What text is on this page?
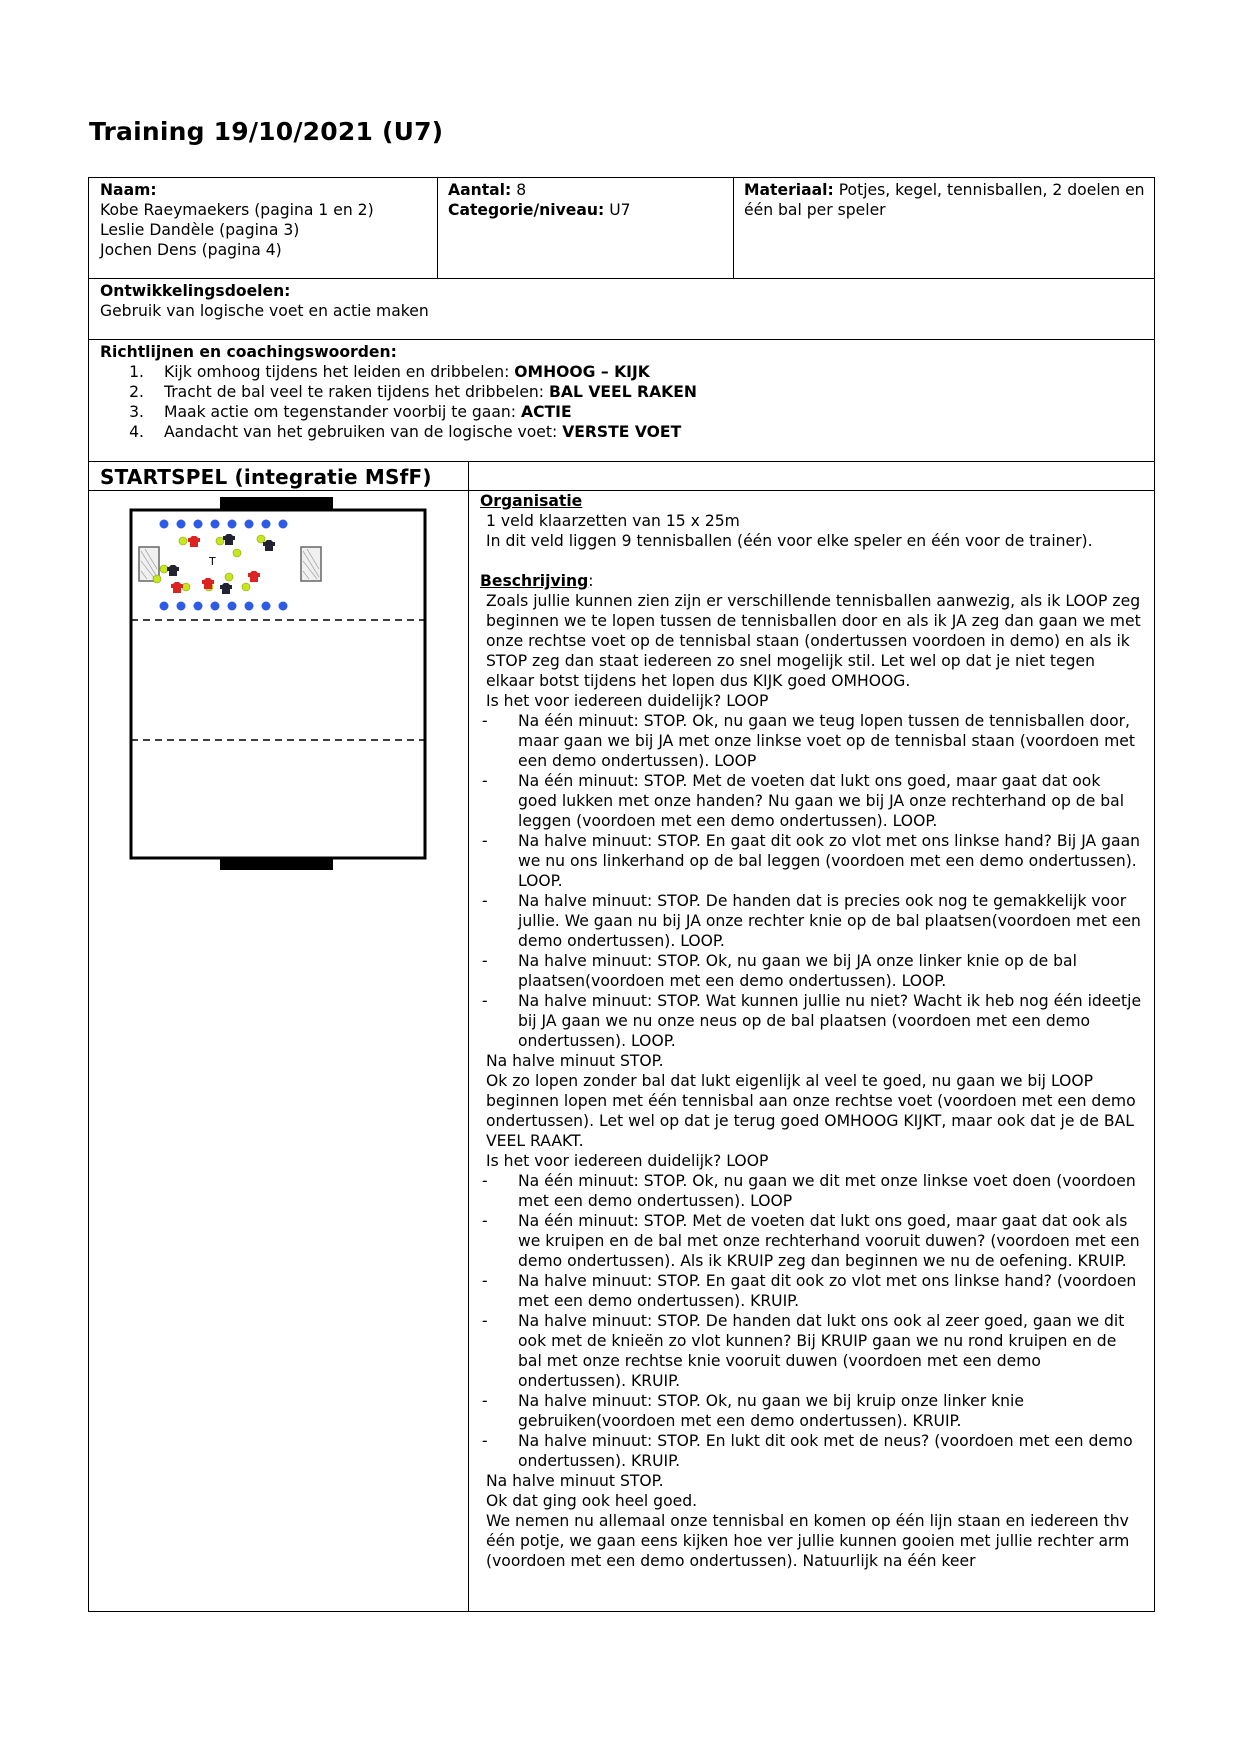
Training 19/10/2021 (U7)
Naam:
Kobe Raeymaekers (pagina 1 en 2)
Leslie Dandèle (pagina 3)
Jochen Dens (pagina 4)
Aantal: 8
Categorie/niveau: U7
Materiaal: Potjes, kegel, tennisballen, 2 doelen en één bal per speler
Ontwikkelingsdoelen:
Gebruik van logische voet en actie maken
Richtlijnen en coachingswoorden:
1.	Kijk omhoog tijdens het leiden en dribbelen: OMHOOG – KIJK
2.	Tracht de bal veel te raken tijdens het dribbelen: BAL VEEL RAKEN
3.	Maak actie om tegenstander voorbij te gaan: ACTIE
4.	Aandacht van het gebruiken van de logische voet: VERSTE VOET
STARTSPEL (integratie MSfF)
T
Organisatie
1 veld klaarzetten van 15 x 25m
In dit veld liggen 9 tennisballen (één voor elke speler en één voor de trainer).
Beschrijving:
Zoals jullie kunnen zien zijn er verschillende tennisballen aanwezig, als ik LOOP zeg beginnen we te lopen tussen de tennisballen door en als ik JA zeg dan gaan we met onze rechtse voet op de tennisbal staan (ondertussen voordoen in demo) en als ik STOP zeg dan staat iedereen zo snel mogelijk stil. Let wel op dat je niet tegen elkaar botst tijdens het lopen dus KIJK goed OMHOOG.
Is het voor iedereen duidelijk? LOOP
-	Na één minuut: STOP. Ok, nu gaan we teug lopen tussen de tennisballen door, maar gaan we bij JA met onze linkse voet op de tennisbal staan (voordoen met een demo ondertussen). LOOP
-	Na één minuut: STOP. Met de voeten dat lukt ons goed, maar gaat dat ook goed lukken met onze handen? Nu gaan we bij JA onze rechterhand op de bal leggen (voordoen met een demo ondertussen). LOOP.
-	Na halve minuut: STOP. En gaat dit ook zo vlot met ons linkse hand? Bij JA gaan we nu ons linkerhand op de bal leggen (voordoen met een demo ondertussen). LOOP.
-	Na halve minuut: STOP. De handen dat is precies ook nog te gemakkelijk voor jullie. We gaan nu bij JA onze rechter knie op de bal plaatsen(voordoen met een demo ondertussen). LOOP.
-	Na halve minuut: STOP. Ok, nu gaan we bij JA onze linker knie op de bal plaatsen(voordoen met een demo ondertussen). LOOP.
-	Na halve minuut: STOP. Wat kunnen jullie nu niet? Wacht ik heb nog één ideetje bij JA gaan we nu onze neus op de bal plaatsen (voordoen met een demo ondertussen). LOOP.
Na halve minuut STOP.
Ok zo lopen zonder bal dat lukt eigenlijk al veel te goed, nu gaan we bij LOOP beginnen lopen met één tennisbal aan onze rechtse voet (voordoen met een demo ondertussen). Let wel op dat je terug goed OMHOOG KIJKT, maar ook dat je de BAL VEEL RAAKT.
Is het voor iedereen duidelijk? LOOP
-	Na één minuut: STOP. Ok, nu gaan we dit met onze linkse voet doen (voordoen met een demo ondertussen). LOOP
-	Na één minuut: STOP. Met de voeten dat lukt ons goed, maar gaat dat ook als we kruipen en de bal met onze rechterhand vooruit duwen? (voordoen met een demo ondertussen). Als ik KRUIP zeg dan beginnen we nu de oefening. KRUIP.
-	Na halve minuut: STOP. En gaat dit ook zo vlot met ons linkse hand? (voordoen met een demo ondertussen). KRUIP.
-	Na halve minuut: STOP. De handen dat lukt ons ook al zeer goed, gaan we dit ook met de knieën zo vlot kunnen? Bij KRUIP gaan we nu rond kruipen en de bal met onze rechtse knie vooruit duwen (voordoen met een demo ondertussen). KRUIP.
-	Na halve minuut: STOP. Ok, nu gaan we bij kruip onze linker knie gebruiken(voordoen met een demo ondertussen). KRUIP.
-	Na halve minuut: STOP. En lukt dit ook met de neus? (voordoen met een demo ondertussen). KRUIP.
Na halve minuut STOP.
Ok dat ging ook heel goed.
We nemen nu allemaal onze tennisbal en komen op één lijn staan en iedereen thv één potje, we gaan eens kijken hoe ver jullie kunnen gooien met jullie rechter arm (voordoen met een demo ondertussen). Natuurlijk na één keer
